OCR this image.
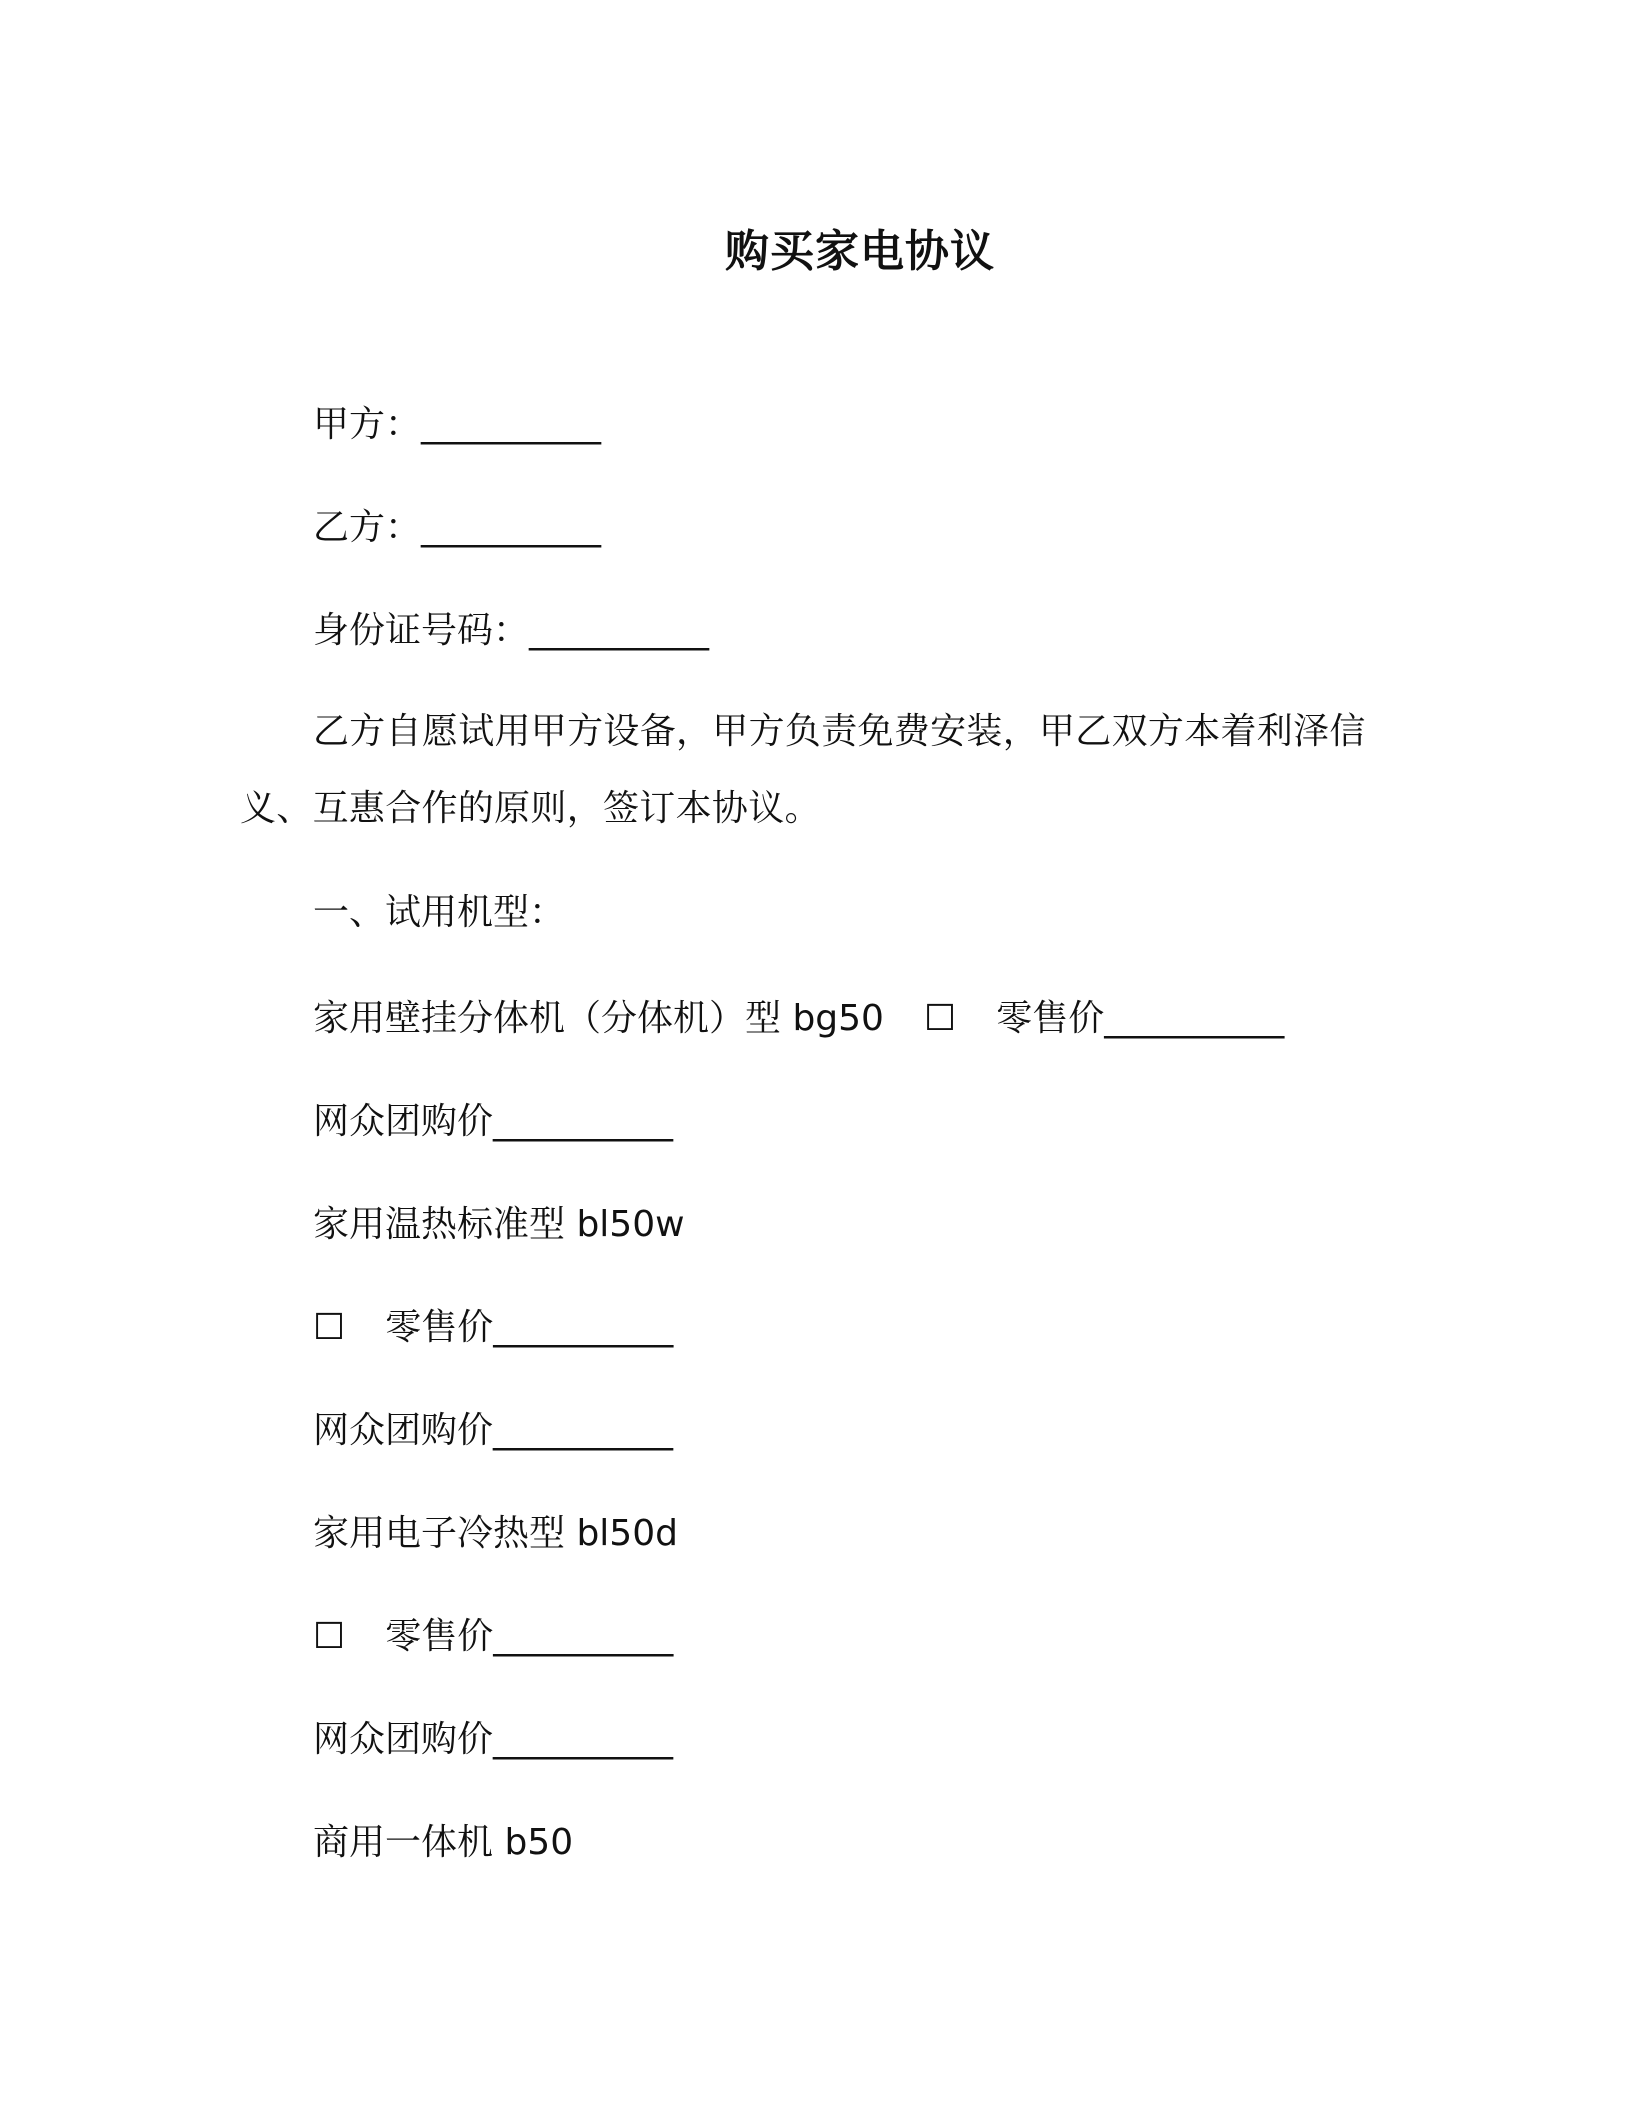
购买家电协议
甲方：__________
乙方：__________
身份证号码：__________
乙方自愿试用甲方设备，甲方负责免费安装，甲乙双方本着利泽信义、互惠合作的原则，签订本协议。
一、试用机型：
家用壁挂分体机（分体机）型 bg50 ☐ 零售价__________
网众团购价__________
家用温热标准型 bl50w
☐ 零售价__________
网众团购价__________
家用电子冷热型 bl50d
☐ 零售价__________
网众团购价__________
商用一体机 b50
